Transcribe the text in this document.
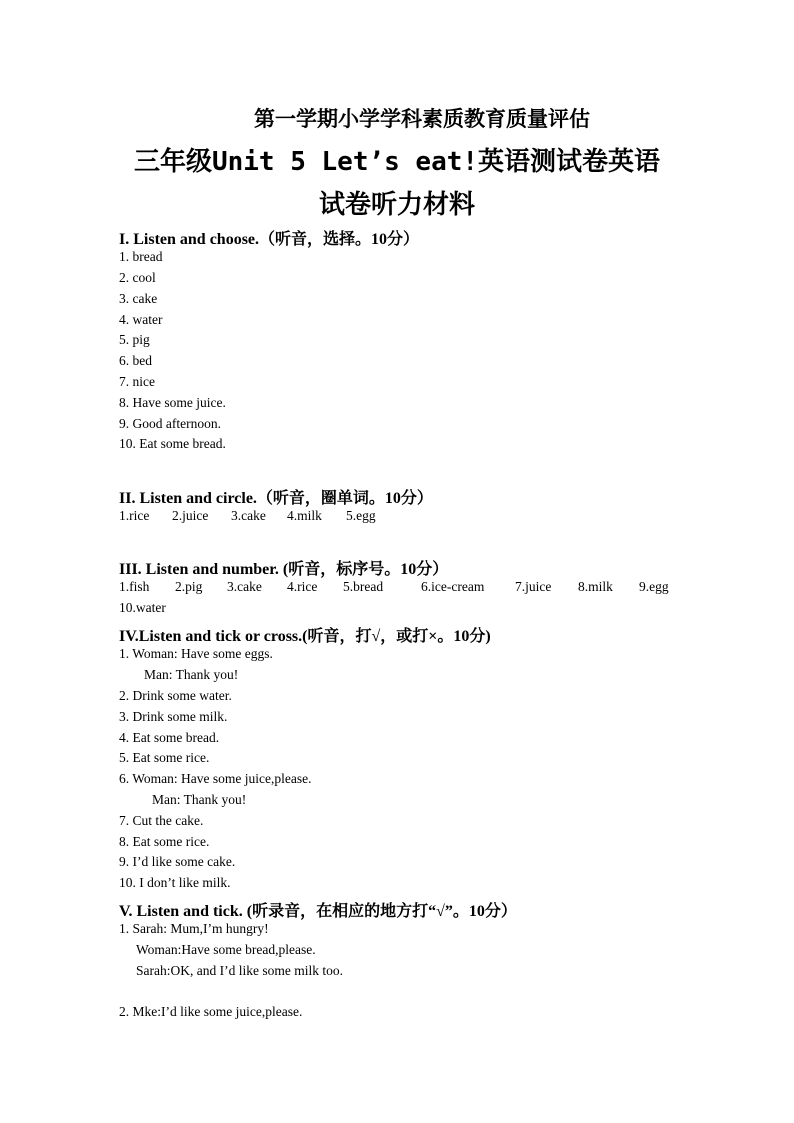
第一学期小学学科素质教育质量评估
三年级Unit 5 Let’s eat!英语测试卷英语
试卷听力材料
I. Listen and choose.（听音，选择。10分）
1. bread
2. cool
3. cake
4. water
5. pig
6. bed
7. nice
8. Have some juice.
9. Good afternoon.
10. Eat some bread.
II. Listen and circle.（听音，圈单词。10分）
1.rice 2.juice 3.cake 4.milk 5.egg
III. Listen and number. (听音，标序号。10分）
1.fish 2.pig 3.cake 4.rice 5.bread	6.ice-cream 7.juice 8.milk 9.egg
10.water
IV.Listen and tick or cross.(听音，打√，或打×。10分)
1. Woman: Have some eggs.
Man: Thank you!
2. Drink some water.
3. Drink some milk.
4. Eat some bread.
5. Eat some rice.
6. Woman: Have some juice,please.
Man: Thank you!
7. Cut the cake.
8. Eat some rice.
9. I’d like some cake.
10. I don’t like milk.
V. Listen and tick. (听录音，在相应的地方打“√”。10分）
1. Sarah: Mum,I’m hungry!
Woman:Have some bread,please.
Sarah:OK, and I’d like some milk too.
2. Mke:I’d like some juice,please.
